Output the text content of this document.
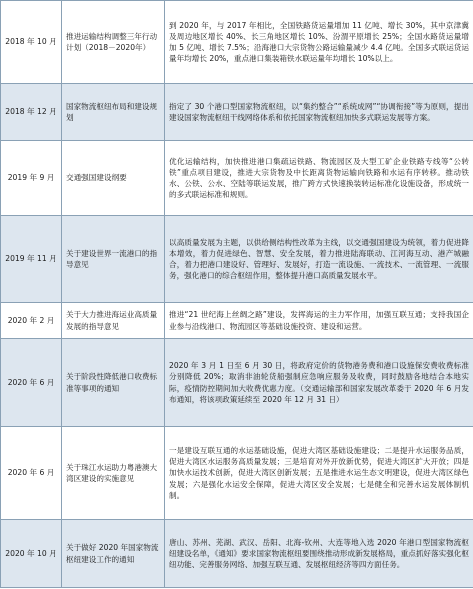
2018 年 10 月	推进运输结构调整三年行动计划（2018－2020年）	到 2020 年，与 2017 年相比，全国铁路货运量增加 11 亿吨、增长 30%，其中京津冀及周边地区增长 40%、长三角地区增长 10%、汾渭平原增长 25%；全国水路货运量增加 5 亿吨、增长 7.5%；沿海港口大宗货物公路运输量减少 4.4 亿吨。全国多式联运货运量年均增长 20%，重点港口集装箱铁水联运量年均增长 10%以上。
2018 年 12 月	国家物流枢纽布局和建设规划	指定了 30 个港口型国家物流枢纽，以“集约整合”“系统成网”“协调衔接”等为原则，提出建设国家物流枢纽干线网络体系和依托国家物流枢纽加快多式联运发展等方案。
2019 年 9 月	交通强国建设纲要	优化运输结构，加快推进港口集疏运铁路、物流园区及大型工矿企业铁路专线等“公转铁”重点项目建设，推进大宗货物及中长距离货物运输向铁路和水运有序转移。推动铁水、公铁、公水、空陆等联运发展，推广跨方式快速换装转运标准化设施设备，形成统一的多式联运标准和规则。
2019 年 11 月	关于建设世界一流港口的指导意见	以高质量发展为主题，以供给侧结构性改革为主线，以交通强国建设为统领，着力促进降本增效，着力促进绿色、智慧、安全发展，着力推进陆海联动、江河海互动、港产城融合，着力把港口建设好、管理好、发展好，打造一流设施、一流技术、一流管理、一流服务，强化港口的综合枢纽作用，整体提升港口高质量发展水平。
2020 年 2 月	关于大力推进海运业高质量发展的指导意见	推进“21 世纪海上丝绸之路”建设，发挥海运的主力军作用，加强互联互通；支持我国企业参与沿线港口、物流园区等基础设施投资、建设和运营。
2020 年 6 月	关于阶段性降低港口收费标准等事项的通知	2020 年 3 月 1 日至 6 月 30 日，将政府定价的货物港务费和港口设施保安费收费标准分别降低 20%；取消非油轮货船强制应急响应服务及收费，同时鼓励各地结合本地实际，疫情防控期间加大收费优惠力度。（交通运输部和国家发展改革委于 2020 年 6 月发布通知，将该项政策延续至 2020 年 12 月 31 日）
2020 年 6 月	关于珠江水运助力粤港澳大湾区建设的实施意见	一是建设互联互通的水运基础设施，促进大湾区基础设施建设；二是提升水运服务品质，促进大湾区水运服务高质量发展；三是培育对外开放新优势，促进大湾区扩大开放；四是加快水运技术创新，促进大湾区创新发展；五是推进水运生态文明建设，促进大湾区绿色发展；六是强化水运安全保障，促进大湾区安全发展；七是健全和完善水运发展体制机制。
2020 年 10 月	关于做好 2020 年国家物流枢纽建设工作的通知	唐山、苏州、芜湖、武汉、岳阳、北海-钦州、大连等地入选 2020 年港口型国家物流枢纽建设名单，《通知》要求国家物流枢纽要围绕推动形成新发展格局，重点抓好落实强化枢纽功能、完善服务网络、加强互联互通、发展枢纽经济等四方面任务。
